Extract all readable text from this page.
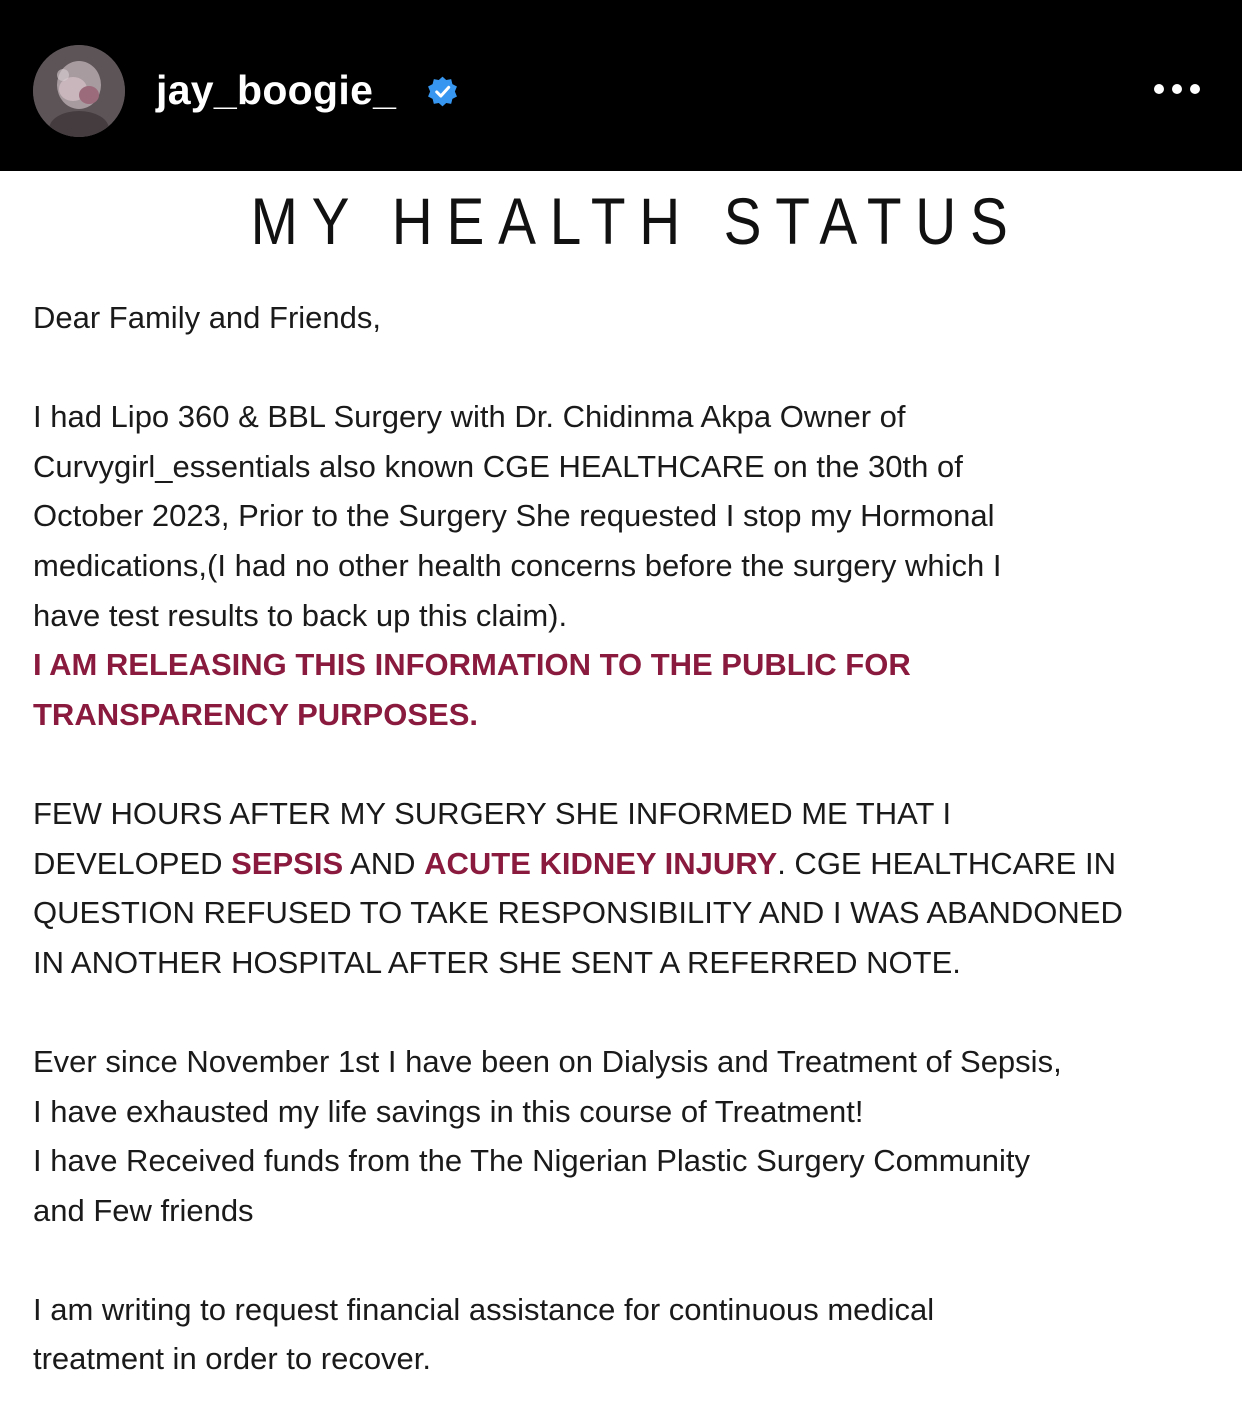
jay_boogie_
MY HEALTH STATUS

Dear Family and Friends,

I had Lipo 360 & BBL Surgery with Dr. Chidinma Akpa Owner of

Curvygirl_essentials also known CGE HEALTHCARE on the 30th of

October 2023, Prior to the Surgery She requested I stop my Hormonal

medications,(I had no other health concerns before the surgery which I

have test results to back up this claim).

I AM RELEASING THIS INFORMATION TO THE PUBLIC FOR

TRANSPARENCY PURPOSES.

FEW HOURS AFTER MY SURGERY SHE INFORMED ME THAT I

DEVELOPED SEPSIS AND ACUTE KIDNEY INJURY. CGE HEALTHCARE IN

QUESTION REFUSED TO TAKE RESPONSIBILITY AND I WAS ABANDONED

IN ANOTHER HOSPITAL AFTER SHE SENT A REFERRED NOTE.

Ever since November 1st I have been on Dialysis and Treatment of Sepsis,

I have exhausted my life savings in this course of Treatment!

I have Received funds from the The Nigerian Plastic Surgery Community

and Few friends

I am writing to request financial assistance for continuous medical

treatment in order to recover.
